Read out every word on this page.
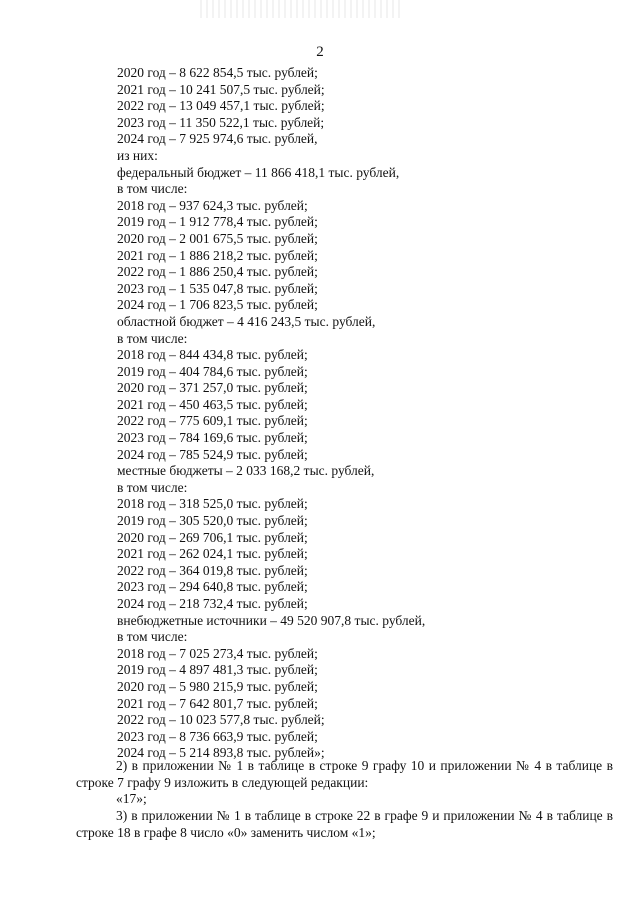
2
2020 год – 8 622 854,5 тыс. рублей;
2021 год – 10 241 507,5 тыс. рублей;
2022 год – 13 049 457,1 тыс. рублей;
2023 год – 11 350 522,1 тыс. рублей;
2024 год – 7 925 974,6 тыс. рублей,
из них:
федеральный бюджет – 11 866 418,1 тыс. рублей,
в том числе:
2018 год – 937 624,3 тыс. рублей;
2019 год – 1 912 778,4 тыс. рублей;
2020 год – 2 001 675,5 тыс. рублей;
2021 год – 1 886 218,2 тыс. рублей;
2022 год – 1 886 250,4 тыс. рублей;
2023 год – 1 535 047,8 тыс. рублей;
2024 год – 1 706 823,5 тыс. рублей;
областной бюджет – 4 416 243,5 тыс. рублей,
в том числе:
2018 год – 844 434,8 тыс. рублей;
2019 год – 404 784,6 тыс. рублей;
2020 год – 371 257,0 тыс. рублей;
2021 год – 450 463,5 тыс. рублей;
2022 год – 775 609,1 тыс. рублей;
2023 год – 784 169,6 тыс. рублей;
2024 год – 785 524,9 тыс. рублей;
местные бюджеты – 2 033 168,2 тыс. рублей,
в том числе:
2018 год – 318 525,0 тыс. рублей;
2019 год – 305 520,0 тыс. рублей;
2020 год – 269 706,1 тыс. рублей;
2021 год – 262 024,1 тыс. рублей;
2022 год – 364 019,8 тыс. рублей;
2023 год – 294 640,8 тыс. рублей;
2024 год – 218 732,4 тыс. рублей;
внебюджетные источники – 49 520 907,8 тыс. рублей,
в том числе:
2018 год – 7 025 273,4 тыс. рублей;
2019 год – 4 897 481,3 тыс. рублей;
2020 год – 5 980 215,9 тыс. рублей;
2021 год – 7 642 801,7 тыс. рублей;
2022 год – 10 023 577,8 тыс. рублей;
2023 год – 8 736 663,9 тыс. рублей;
2024 год – 5 214 893,8 тыс. рублей»;
2) в приложении № 1 в таблице в строке 9 графу 10 и приложении № 4 в таблице в строке 7 графу 9 изложить в следующей редакции:
«17»;
3) в приложении № 1 в таблице в строке 22 в графе 9 и приложении № 4 в таблице в строке 18 в графе 8 число «0» заменить числом «1»;
